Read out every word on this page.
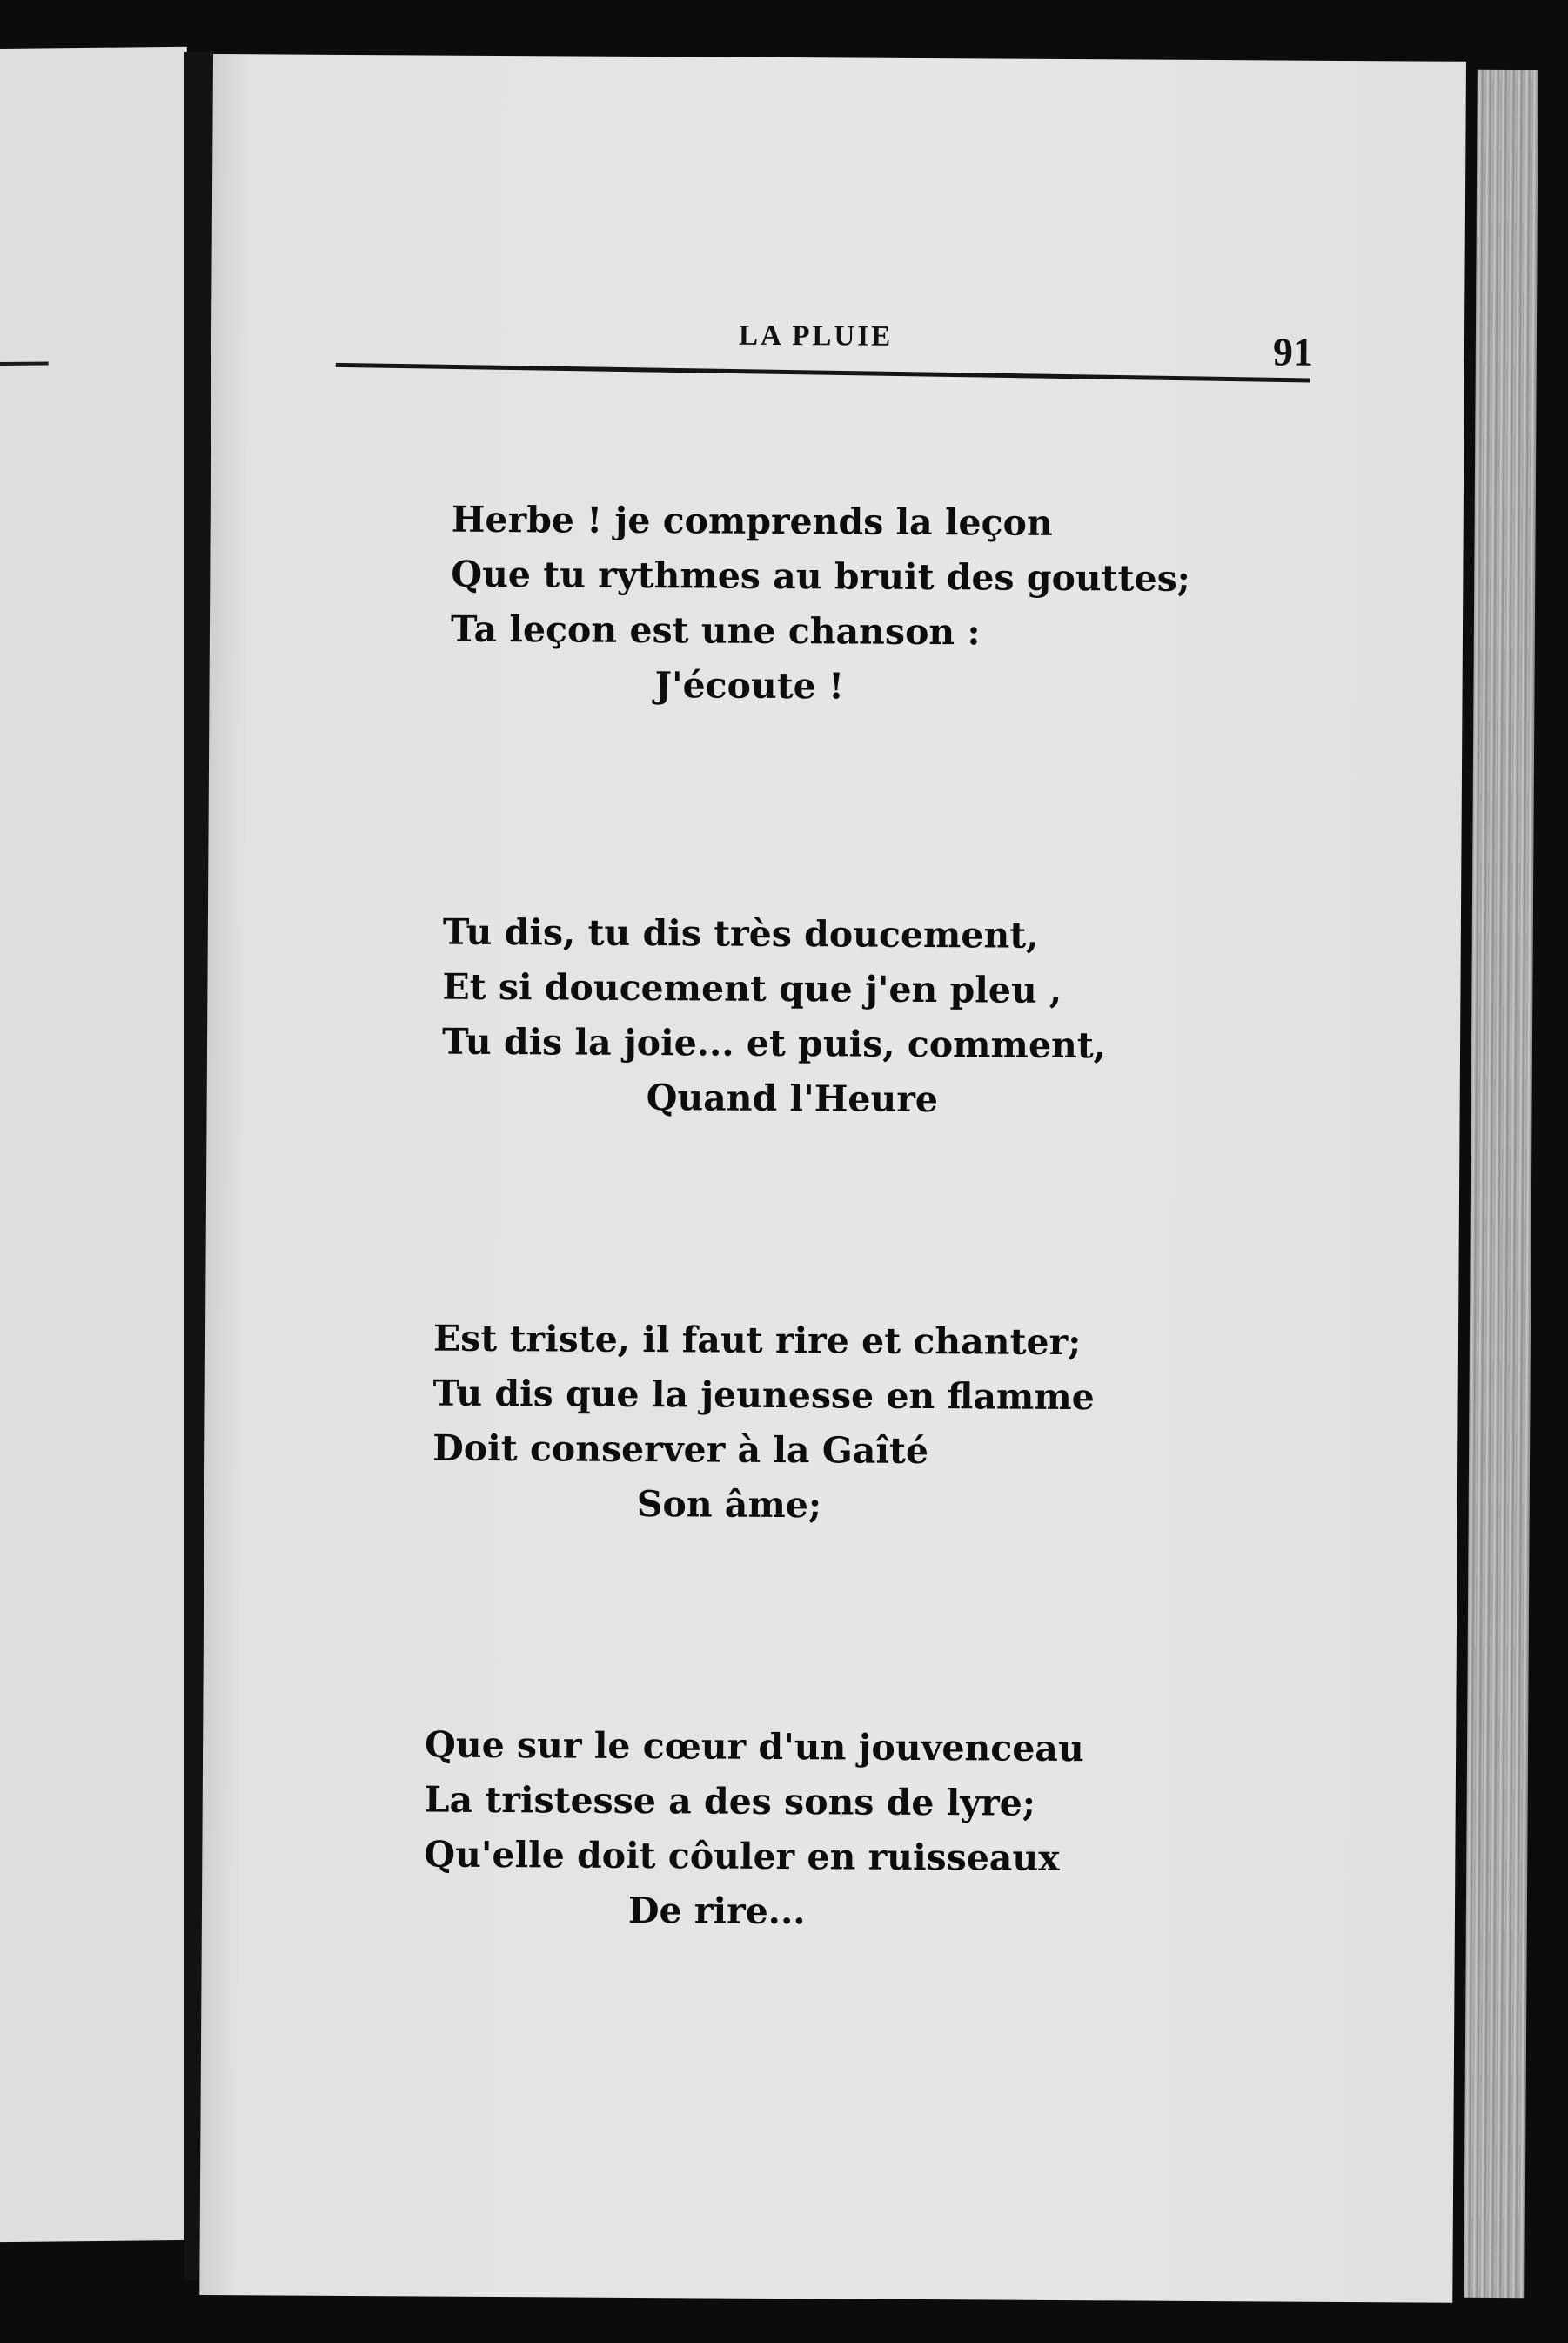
LA PLUIE	91
Herbe ! je comprends la leçon
Que tu rythmes au bruit des gouttes;
Ta leçon est une chanson :
J'écoute !
Tu dis, tu dis très doucement,
Et si doucement que j'en pleu ,
Tu dis la joie... et puis, comment,
Quand l'Heure
Est triste, il faut rire et chanter;
Tu dis que la jeunesse en flamme
Doit conserver à la Gaîté
Son âme;
Que sur le cœur d'un jouvenceau
La tristesse a des sons de lyre;
Qu'elle doit côuler en ruisseaux
De rire...
